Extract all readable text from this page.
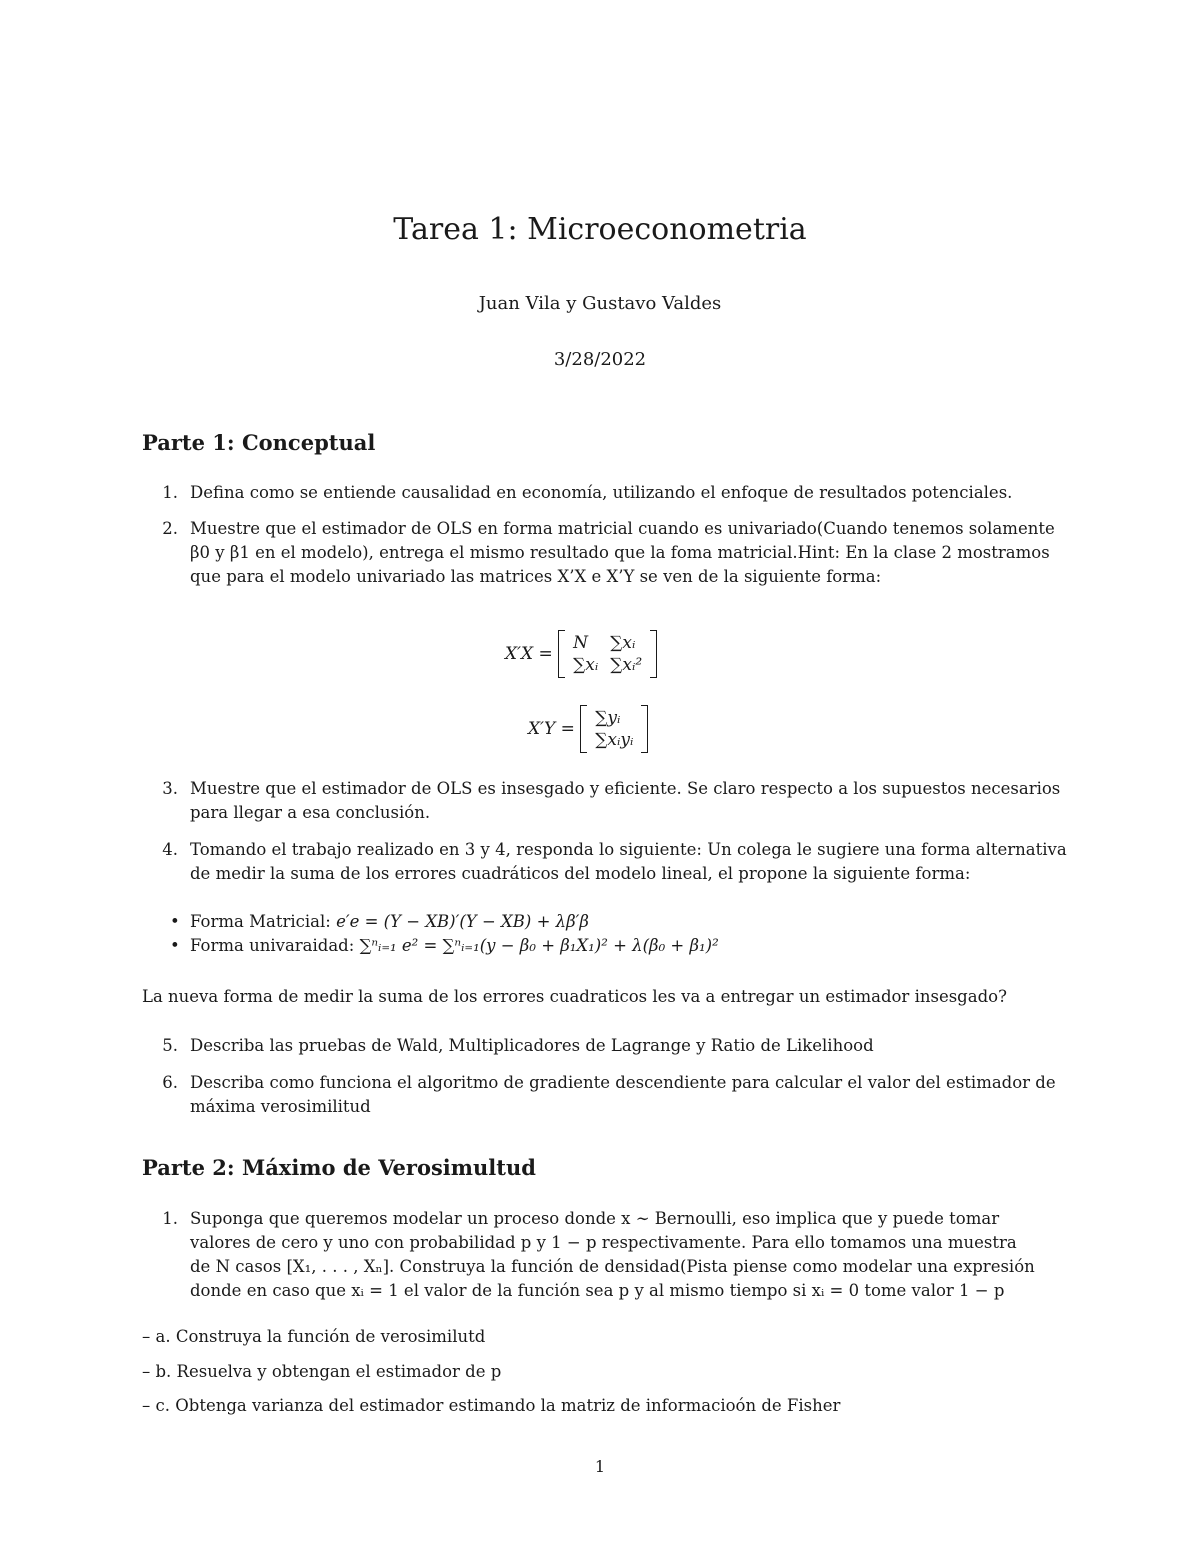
Tarea 1: Microeconometria
Juan Vila y Gustavo Valdes
3/28/2022
Parte 1: Conceptual
1. Defina como se entiende causalidad en economía, utilizando el enfoque de resultados potenciales.
2. Muestre que el estimador de OLS en forma matricial cuando es univariado(Cuando tenemos solamente
β0 y β1 en el modelo), entrega el mismo resultado que la foma matricial.Hint: En la clase 2 mostramos
que para el modelo univariado las matrices X’X e X’Y se ven de la siguiente forma:
X′X =
N	∑xᵢ
∑xᵢ ∑xᵢ²
X′Y =
∑yᵢ
∑xᵢyᵢ
3. Muestre que el estimador de OLS es insesgado y eficiente. Se claro respecto a los supuestos necesarios
para llegar a esa conclusión.
4. Tomando el trabajo realizado en 3 y 4, responda lo siguiente: Un colega le sugiere una forma alternativa
de medir la suma de los errores cuadráticos del modelo lineal, el propone la siguiente forma:
• Forma Matricial: e′e = (Y − XB)′(Y − XB) + λβ′β
• Forma univaraidad: ∑ⁿᵢ₌₁ e² = ∑ⁿᵢ₌₁(y − β₀ + β₁X₁)² + λ(β₀ + β₁)²
La nueva forma de medir la suma de los errores cuadraticos les va a entregar un estimador insesgado?
5. Describa las pruebas de Wald, Multiplicadores de Lagrange y Ratio de Likelihood
6. Describa como funciona el algoritmo de gradiente descendiente para calcular el valor del estimador de
máxima verosimilitud
Parte 2: Máximo de Verosimultud
1. Suponga que queremos modelar un proceso donde x ∼ Bernoulli, eso implica que y puede tomar
valores de cero y uno con probabilidad p y 1 − p respectivamente. Para ello tomamos una muestra
de N casos [X₁, . . . , Xₙ]. Construya la función de densidad(Pista piense como modelar una expresión
donde en caso que xᵢ = 1 el valor de la función sea p y al mismo tiempo si xᵢ = 0 tome valor 1 − p
– a. Construya la función de verosimilutd
– b. Resuelva y obtengan el estimador de p
– c. Obtenga varianza del estimador estimando la matriz de informacioón de Fisher
1
